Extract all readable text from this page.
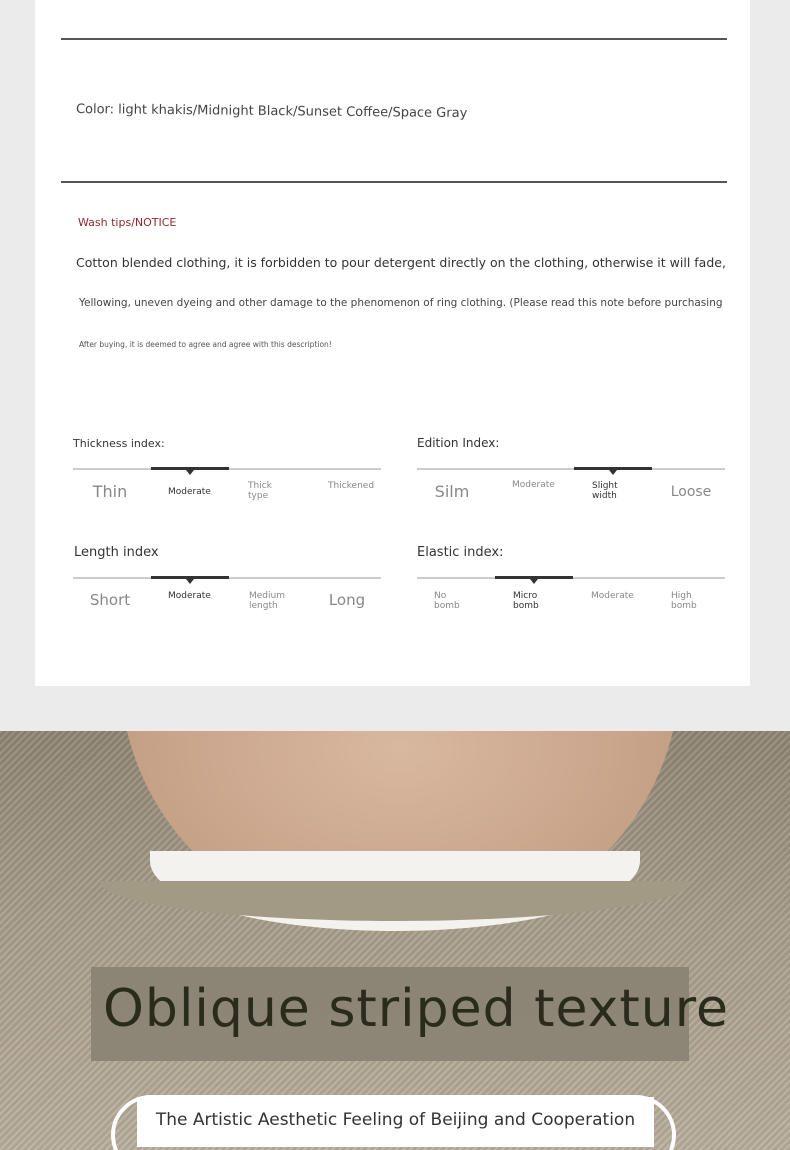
Color: light khakis/Midnight Black/Sunset Coffee/Space Gray
Wash tips/NOTICE
Cotton blended clothing, it is forbidden to pour detergent directly on the clothing, otherwise it will fade,
Yellowing, uneven dyeing and other damage to the phenomenon of ring clothing. (Please read this note before purchasing
After buying, it is deemed to agree and agree with this description!
Thickness index:
Thin	Moderate
Thick type
Thickened
Edition Index:
Silm	Moderate	Slight width	Loose
Length index
Short	Moderate	Medium length	Long
Elastic index:
No bomb
Micro bomb
Moderate	High bomb
Oblique striped texture
The Artistic Aesthetic Feeling of Beijing and Cooperation
